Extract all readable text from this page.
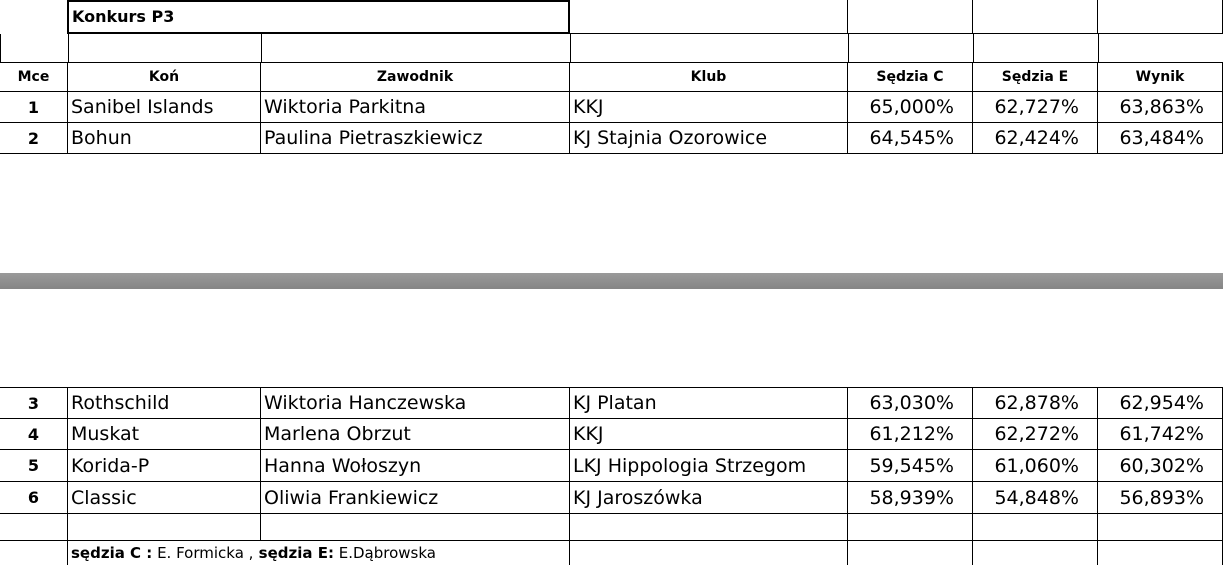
Konkurs P3
Mce	Koń	Zawodnik	Klub	Sędzia C	Sędzia E	Wynik
1	Sanibel Islands	Wiktoria Parkitna	KKJ	65,000%	62,727%	63,863%
2	Bohun	Paulina Pietraszkiewicz	KJ Stajnia Ozorowice	64,545%	62,424%	63,484%
3	Rothschild	Wiktoria Hanczewska	KJ Platan	63,030%	62,878%	62,954%
4	Muskat	Marlena Obrzut	KKJ	61,212%	62,272%	61,742%
5	Korida-P	Hanna Wołoszyn	LKJ Hippologia Strzegom	59,545%	61,060%	60,302%
6	Classic	Oliwia Frankiewicz	KJ Jaroszówka	58,939%	54,848%	56,893%
sędzia C : E. Formicka , sędzia E: E.Dąbrowska
